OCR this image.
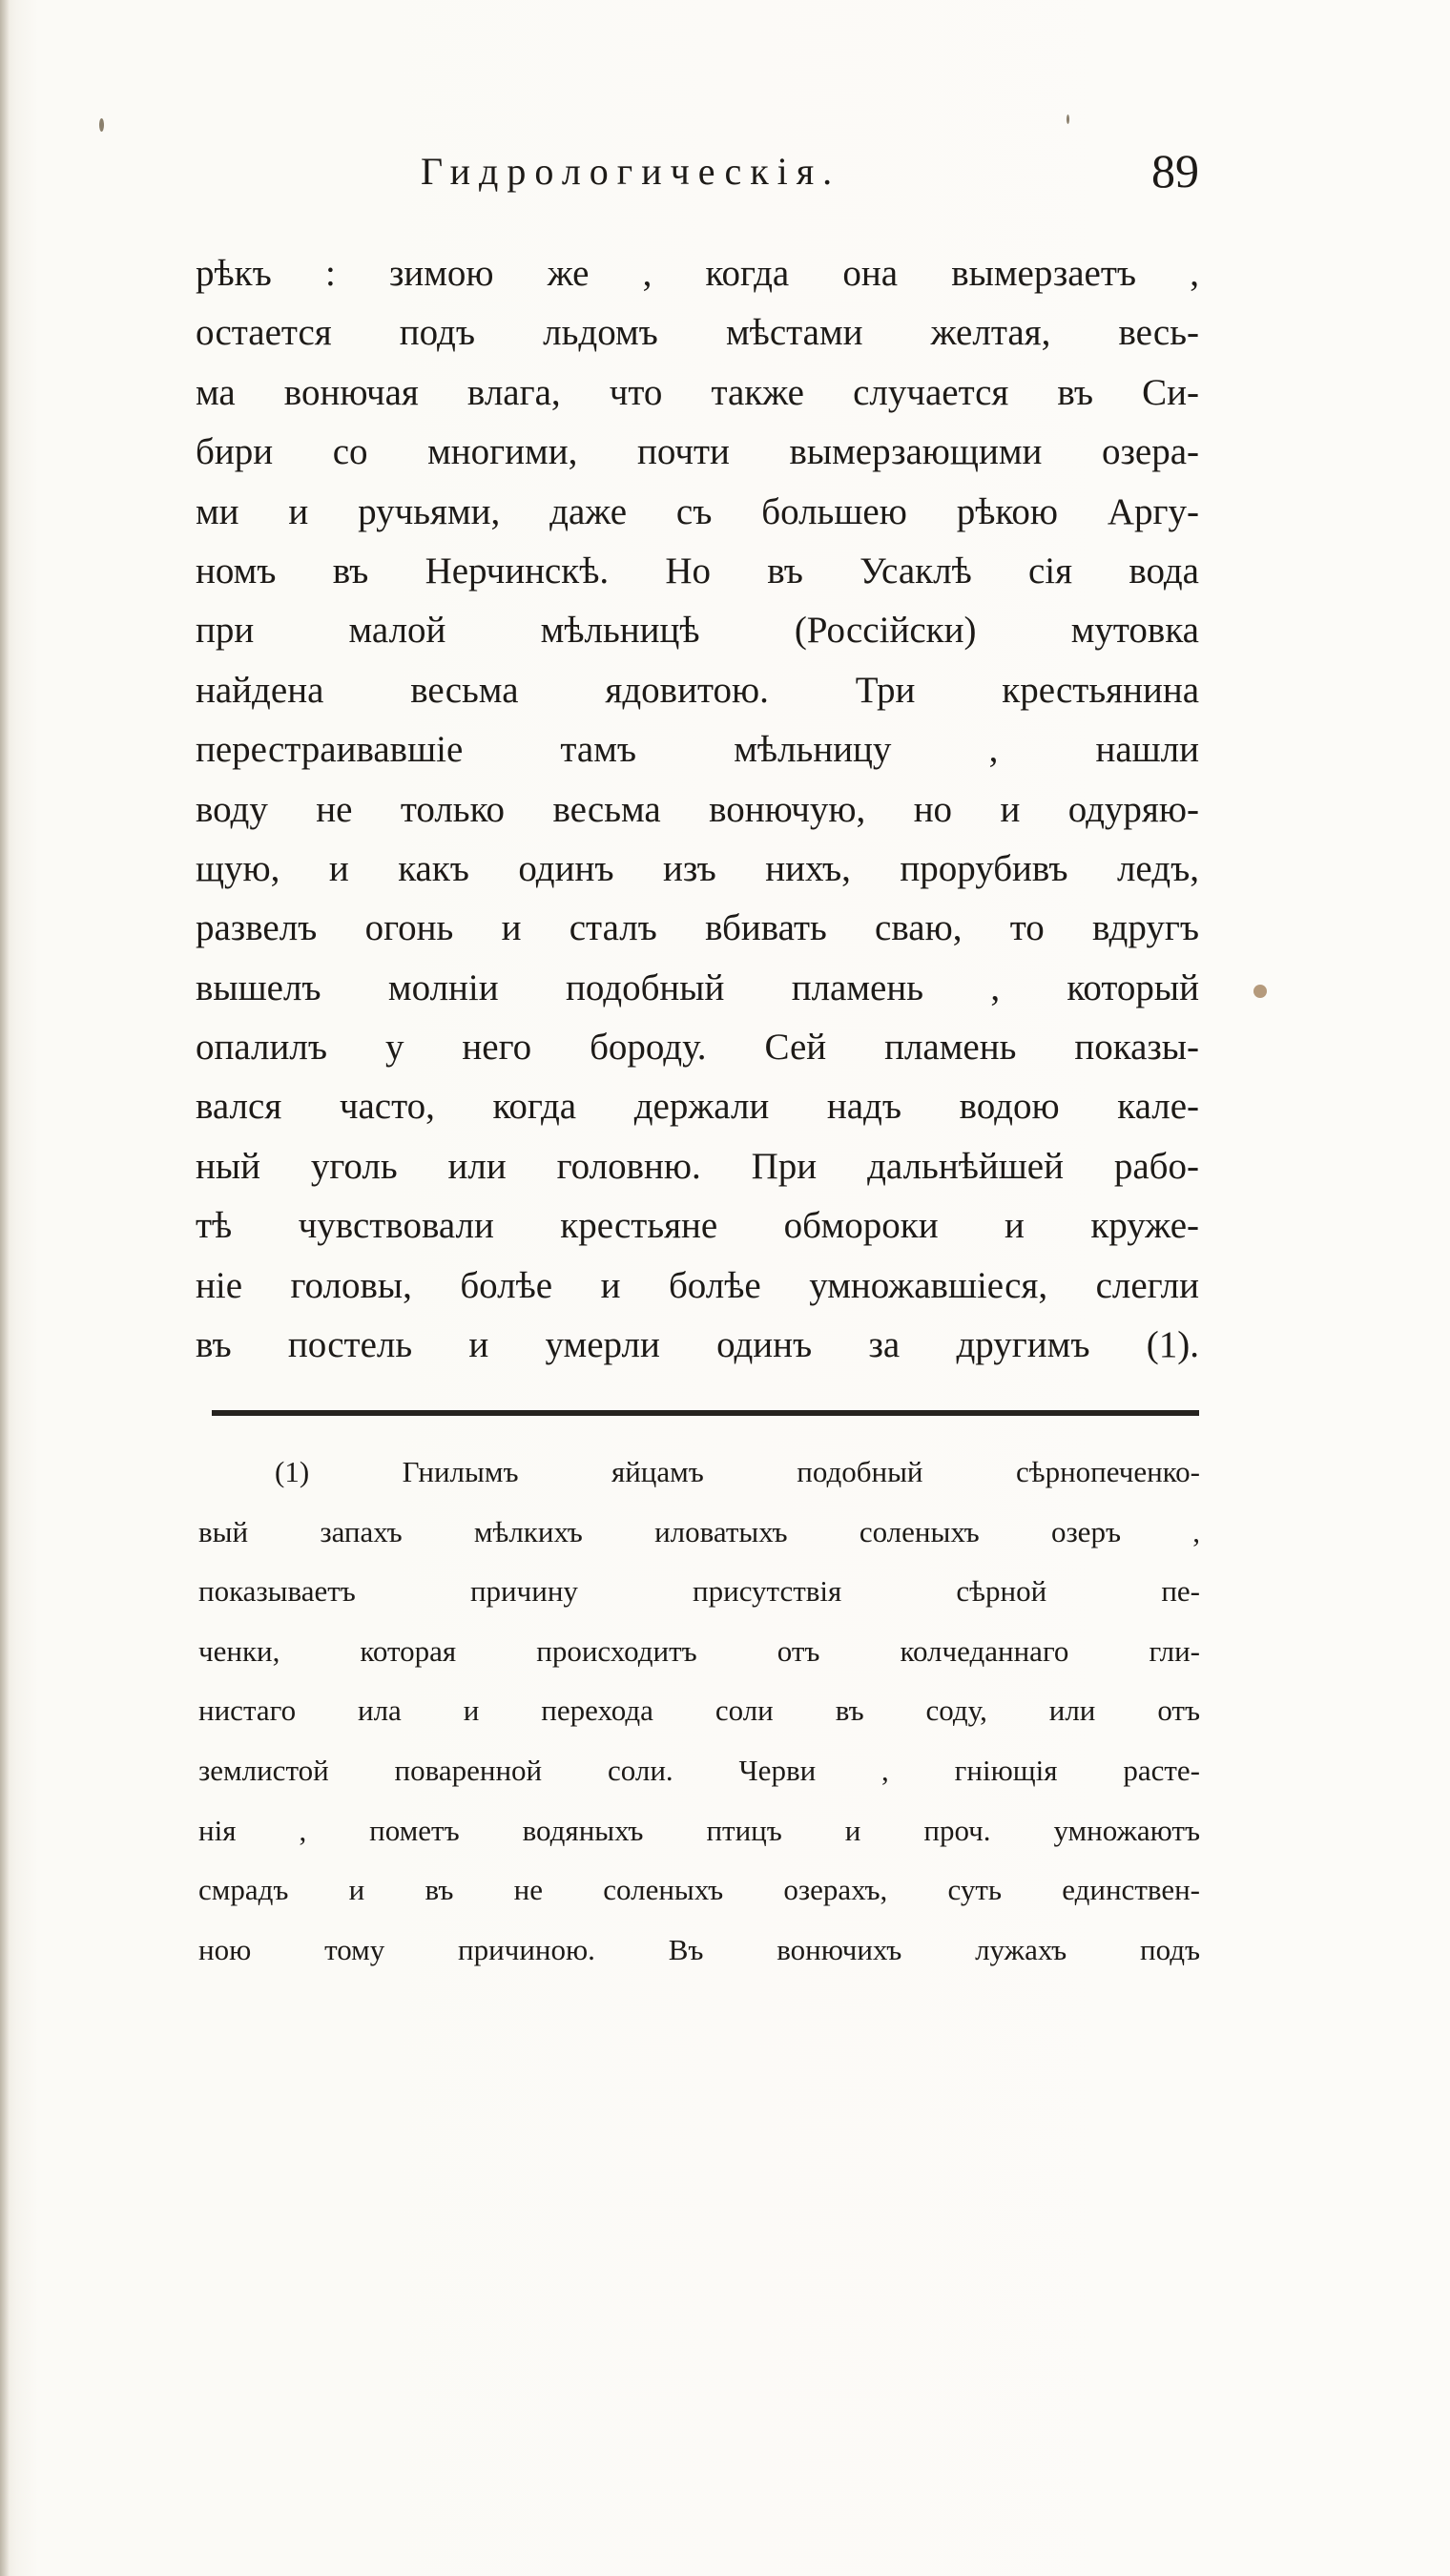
Гидрологическія.	89
рѣкъ : зимою же , когда она вымерзаетъ ,
остается подъ льдомъ мѣстами желтая, весь-
ма вонючая влага, что также случается въ Си-
бири со многими, почти вымерзающими озера-
ми и ручьями, даже съ большею рѣкою Аргу-
номъ въ Нерчинскѣ. Но въ Усаклѣ сія вода
при малой мѣльницѣ (Россійски) мутовка
найдена весьма ядовитою. Три крестьянина
перестраивавшіе тамъ мѣльницу , нашли
воду не только весьма вонючую, но и одуряю-
щую, и какъ одинъ изъ нихъ, прорубивъ ледъ,
развелъ огонь и сталъ вбивать сваю, то вдругъ
вышелъ молніи подобный пламень , который
опалилъ у него бороду. Сей пламень показы-
вался часто, когда держали надъ водою кале-
ный уголь или головню. При дальнѣйшей рабо-
тѣ чувствовали крестьяне обмороки и круже-
ніе головы, болѣе и болѣе умножавшіеся, слегли
въ постель и умерли одинъ за другимъ (1).
(1) Гнилымъ яйцамъ подобный сѣрнопеченко-
вый запахъ мѣлкихъ иловатыхъ соленыхъ озеръ ,
показываетъ причину присутствія сѣрной пе-
ченки, которая происходитъ отъ колчеданнаго гли-
нистаго ила и перехода соли въ соду, или отъ
землистой поваренной соли. Черви , гніющія расте-
нія , пометъ водяныхъ птицъ и проч. умножаютъ
смрадъ и въ не соленыхъ озерахъ, суть единствен-
ною тому причиною. Въ вонючихъ лужахъ подъ
